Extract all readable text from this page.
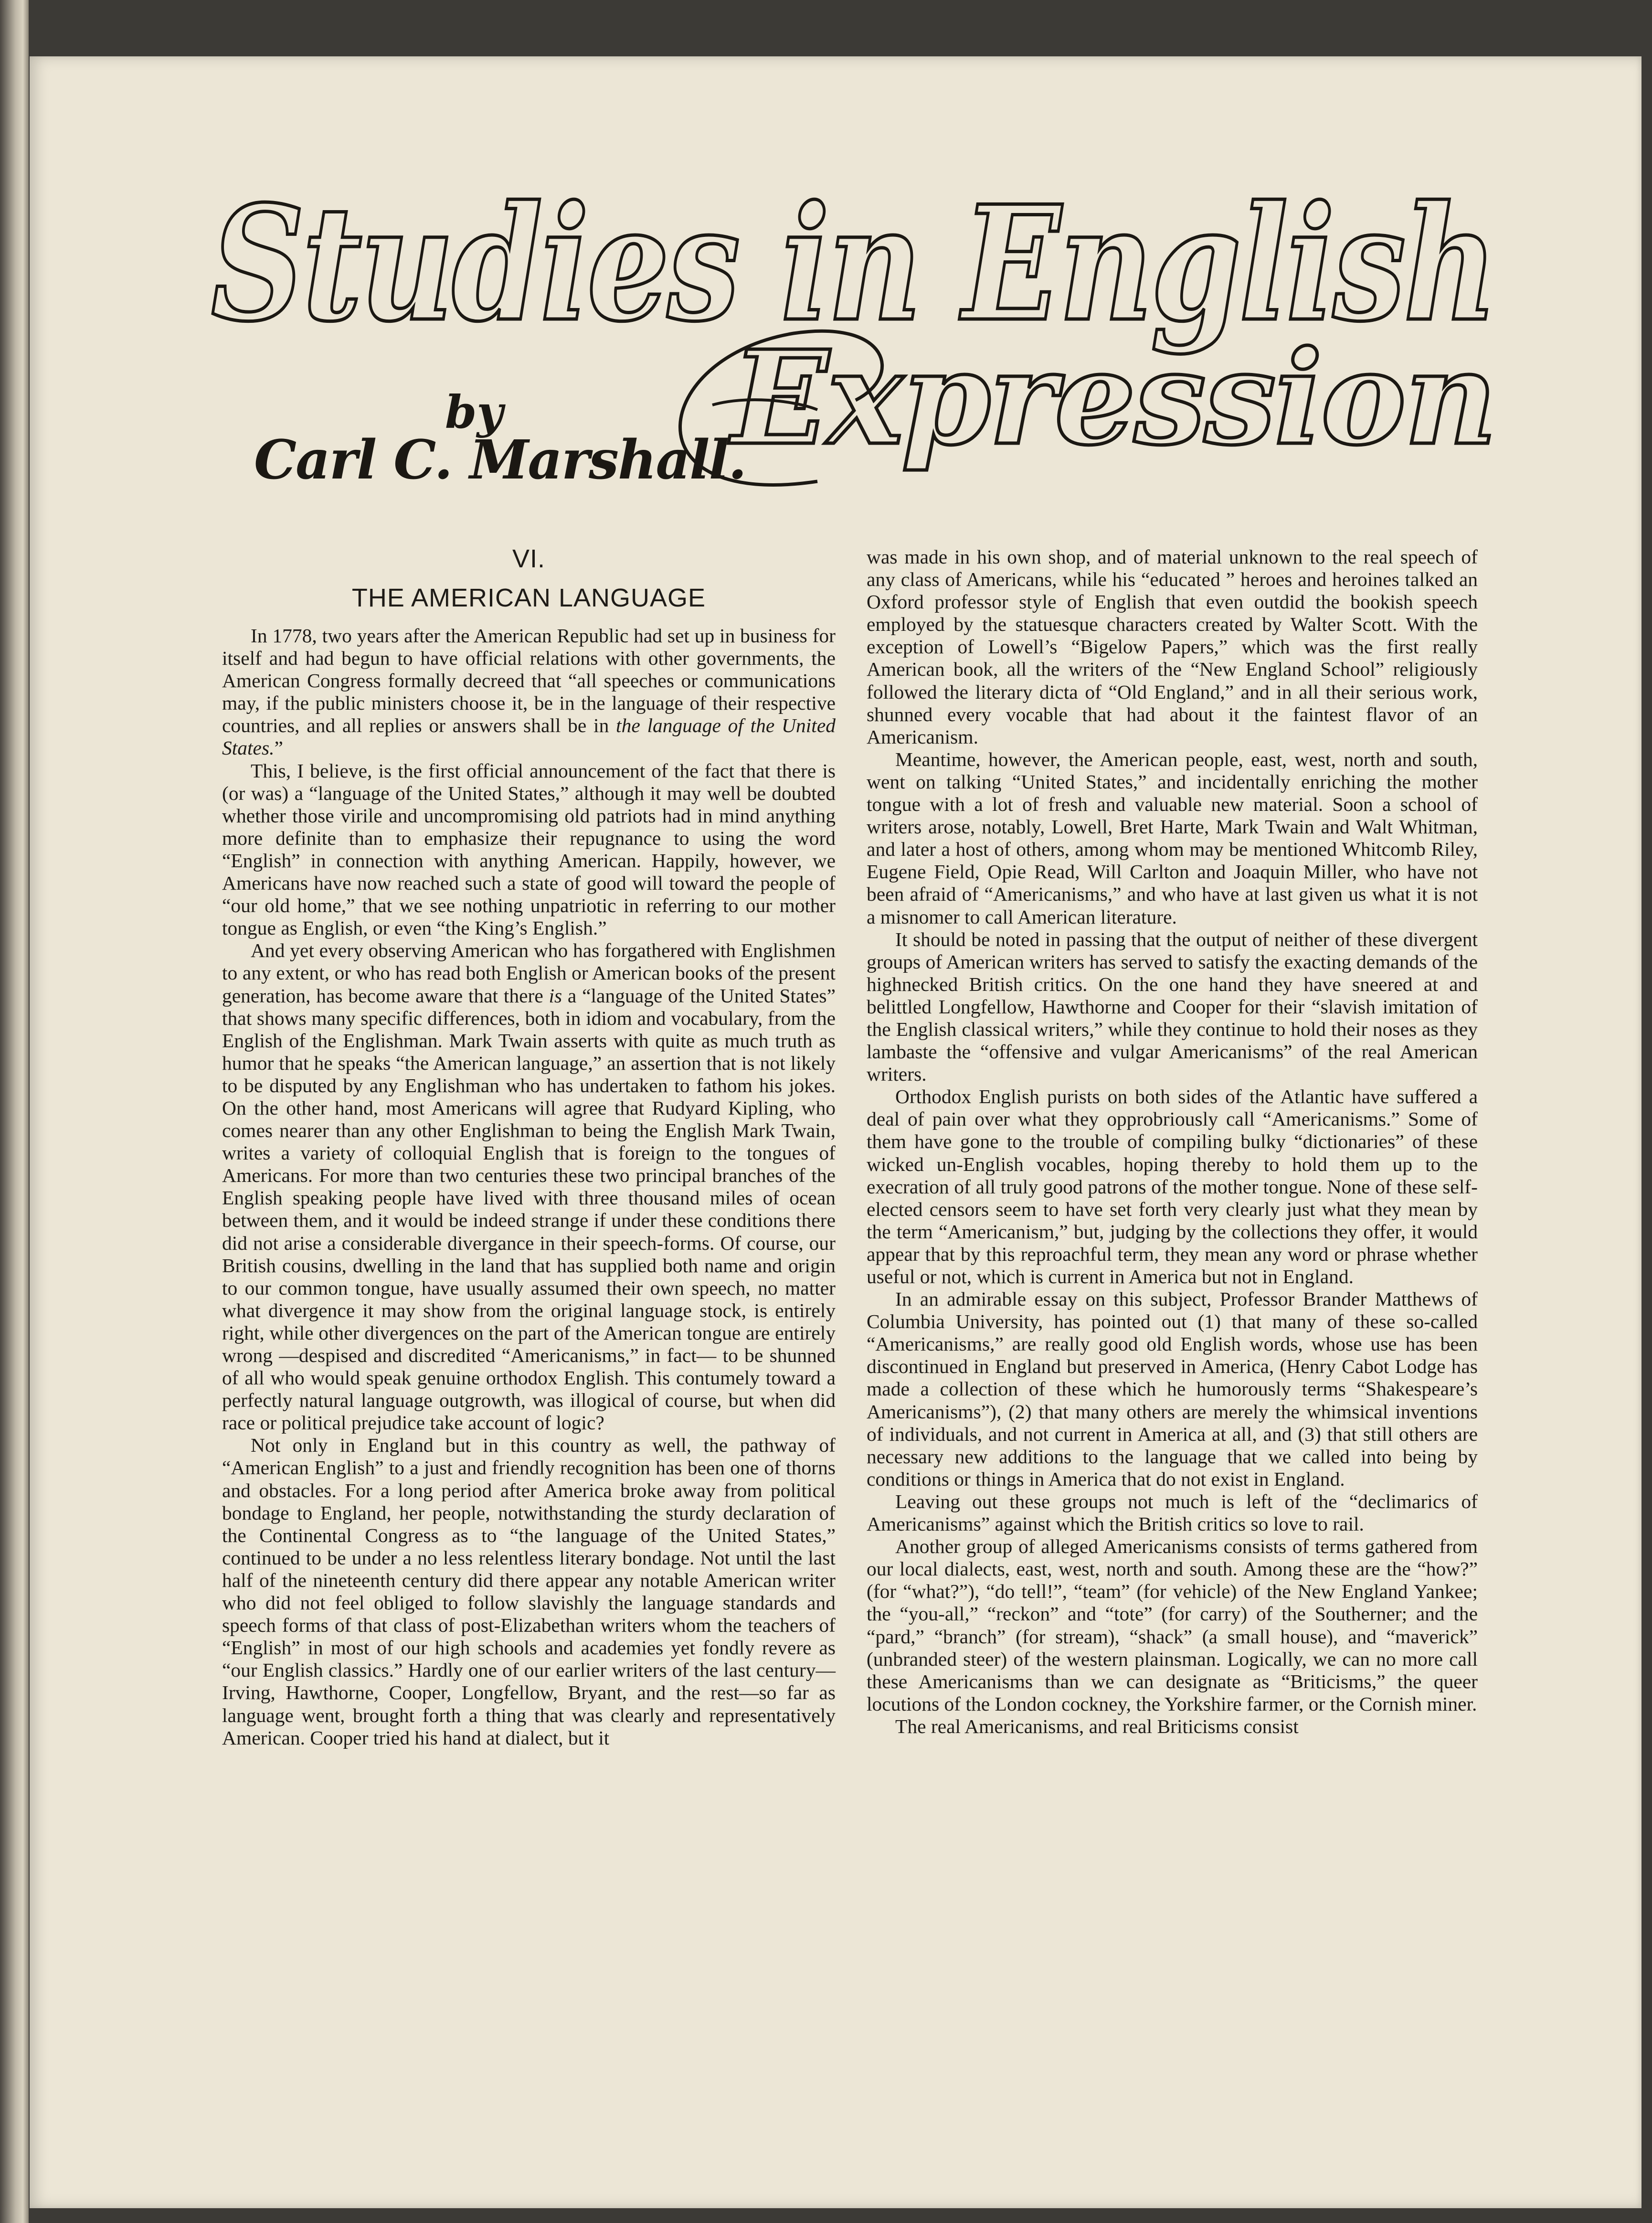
Studies in English
Expression
by
Carl C. Marshall.
VI.
THE AMERICAN LANGUAGE

In 1778, two years after the American Republic had set up in business for itself and had begun to have official relations with other governments, the American Congress formally decreed that “all speeches or communications may, if the public ministers choose it, be in the language of their respective countries, and all replies or answers shall be in the language of the United States.”

This, I believe, is the first official announcement of the fact that there is (or was) a “language of the United States,” although it may well be doubted whether those virile and uncompromising old patriots had in mind anything more definite than to emphasize their repugnance to using the word “English” in connection with anything American. Happily, however, we Americans have now reached such a state of good will toward the people of “our old home,” that we see nothing unpatriotic in referring to our mother tongue as English, or even “the King’s English.”

And yet every observing American who has forgathered with Englishmen to any extent, or who has read both English or American books of the present generation, has become aware that there is a “language of the United States” that shows many specific differences, both in idiom and vocabulary, from the English of the Englishman. Mark Twain asserts with quite as much truth as humor that he speaks “the American language,” an assertion that is not likely to be disputed by any Englishman who has undertaken to fathom his jokes. On the other hand, most Americans will agree that Rudyard Kipling, who comes nearer than any other Englishman to being the English Mark Twain, writes a variety of colloquial English that is foreign to the tongues of Americans. For more than two centuries these two principal branches of the English speaking people have lived with three thousand miles of ocean between them, and it would be indeed strange if under these conditions there did not arise a considerable divergance in their speech-forms. Of course, our British cousins, dwelling in the land that has supplied both name and origin to our common tongue, have usually assumed their own speech, no matter what divergence it may show from the original language stock, is entirely right, while other divergences on the part of the American tongue are entirely wrong —despised and discredited “Americanisms,” in fact— to be shunned of all who would speak genuine orthodox English. This contumely toward a perfectly natural language outgrowth, was illogical of course, but when did race or political prejudice take account of logic?

Not only in England but in this country as well, the pathway of “American English” to a just and friendly recognition has been one of thorns and obstacles. For a long period after America broke away from political bondage to England, her people, notwithstanding the sturdy declaration of the Continental Congress as to “the language of the United States,” continued to be under a no less relentless literary bondage. Not until the last half of the nineteenth century did there appear any notable American writer who did not feel obliged to follow slavishly the language standards and speech forms of that class of post-Elizabethan writers whom the teachers of “English” in most of our high schools and academies yet fondly revere as “our English classics.” Hardly one of our earlier writers of the last century—Irving, Hawthorne, Cooper, Longfellow, Bryant, and the rest—so far as language went, brought forth a thing that was clearly and representatively American. Cooper tried his hand at dialect, but it

was made in his own shop, and of material unknown to the real speech of any class of Americans, while his “educated ” heroes and heroines talked an Oxford professor style of English that even outdid the bookish speech employed by the statuesque characters created by Walter Scott. With the exception of Lowell’s “Bigelow Papers,” which was the first really American book, all the writers of the “New England School” religiously followed the literary dicta of “Old England,” and in all their serious work, shunned every vocable that had about it the faintest flavor of an Americanism.

Meantime, however, the American people, east, west, north and south, went on talking “United States,” and incidentally enriching the mother tongue with a lot of fresh and valuable new material. Soon a school of writers arose, notably, Lowell, Bret Harte, Mark Twain and Walt Whitman, and later a host of others, among whom may be mentioned Whitcomb Riley, Eugene Field, Opie Read, Will Carlton and Joaquin Miller, who have not been afraid of “Americanisms,” and who have at last given us what it is not a misnomer to call American literature.

It should be noted in passing that the output of neither of these divergent groups of American writers has served to satisfy the exacting demands of the highnecked British critics. On the one hand they have sneered at and belittled Longfellow, Hawthorne and Cooper for their “slavish imitation of the English classical writers,” while they continue to hold their noses as they lambaste the “offensive and vulgar Americanisms” of the real American writers.

Orthodox English purists on both sides of the Atlantic have suffered a deal of pain over what they opprobriously call “Americanisms.” Some of them have gone to the trouble of compiling bulky “dictionaries” of these wicked un-English vocables, hoping thereby to hold them up to the execration of all truly good patrons of the mother tongue. None of these self-elected censors seem to have set forth very clearly just what they mean by the term “Americanism,” but, judging by the collections they offer, it would appear that by this reproachful term, they mean any word or phrase whether useful or not, which is current in America but not in England.

In an admirable essay on this subject, Professor Brander Matthews of Columbia University, has pointed out (1) that many of these so-called “Americanisms,” are really good old English words, whose use has been discontinued in England but preserved in America, (Henry Cabot Lodge has made a collection of these which he humorously terms “Shakespeare’s Americanisms”), (2) that many others are merely the whimsical inventions of individuals, and not current in America at all, and (3) that still others are necessary new additions to the language that we called into being by conditions or things in America that do not exist in England.

Leaving out these groups not much is left of the “declimarics of Americanisms” against which the British critics so love to rail.

Another group of alleged Americanisms consists of terms gathered from our local dialects, east, west, north and south. Among these are the “how?” (for “what?”), “do tell!”, “team” (for vehicle) of the New England Yankee; the “you-all,” “reckon” and “tote” (for carry) of the Southerner; and the “pard,” “branch” (for stream), “shack” (a small house), and “maverick” (unbranded steer) of the western plainsman. Logically, we can no more call these Americanisms than we can designate as “Briticisms,” the queer locutions of the London cockney, the Yorkshire farmer, or the Cornish miner.

The real Americanisms, and real Briticisms consist
